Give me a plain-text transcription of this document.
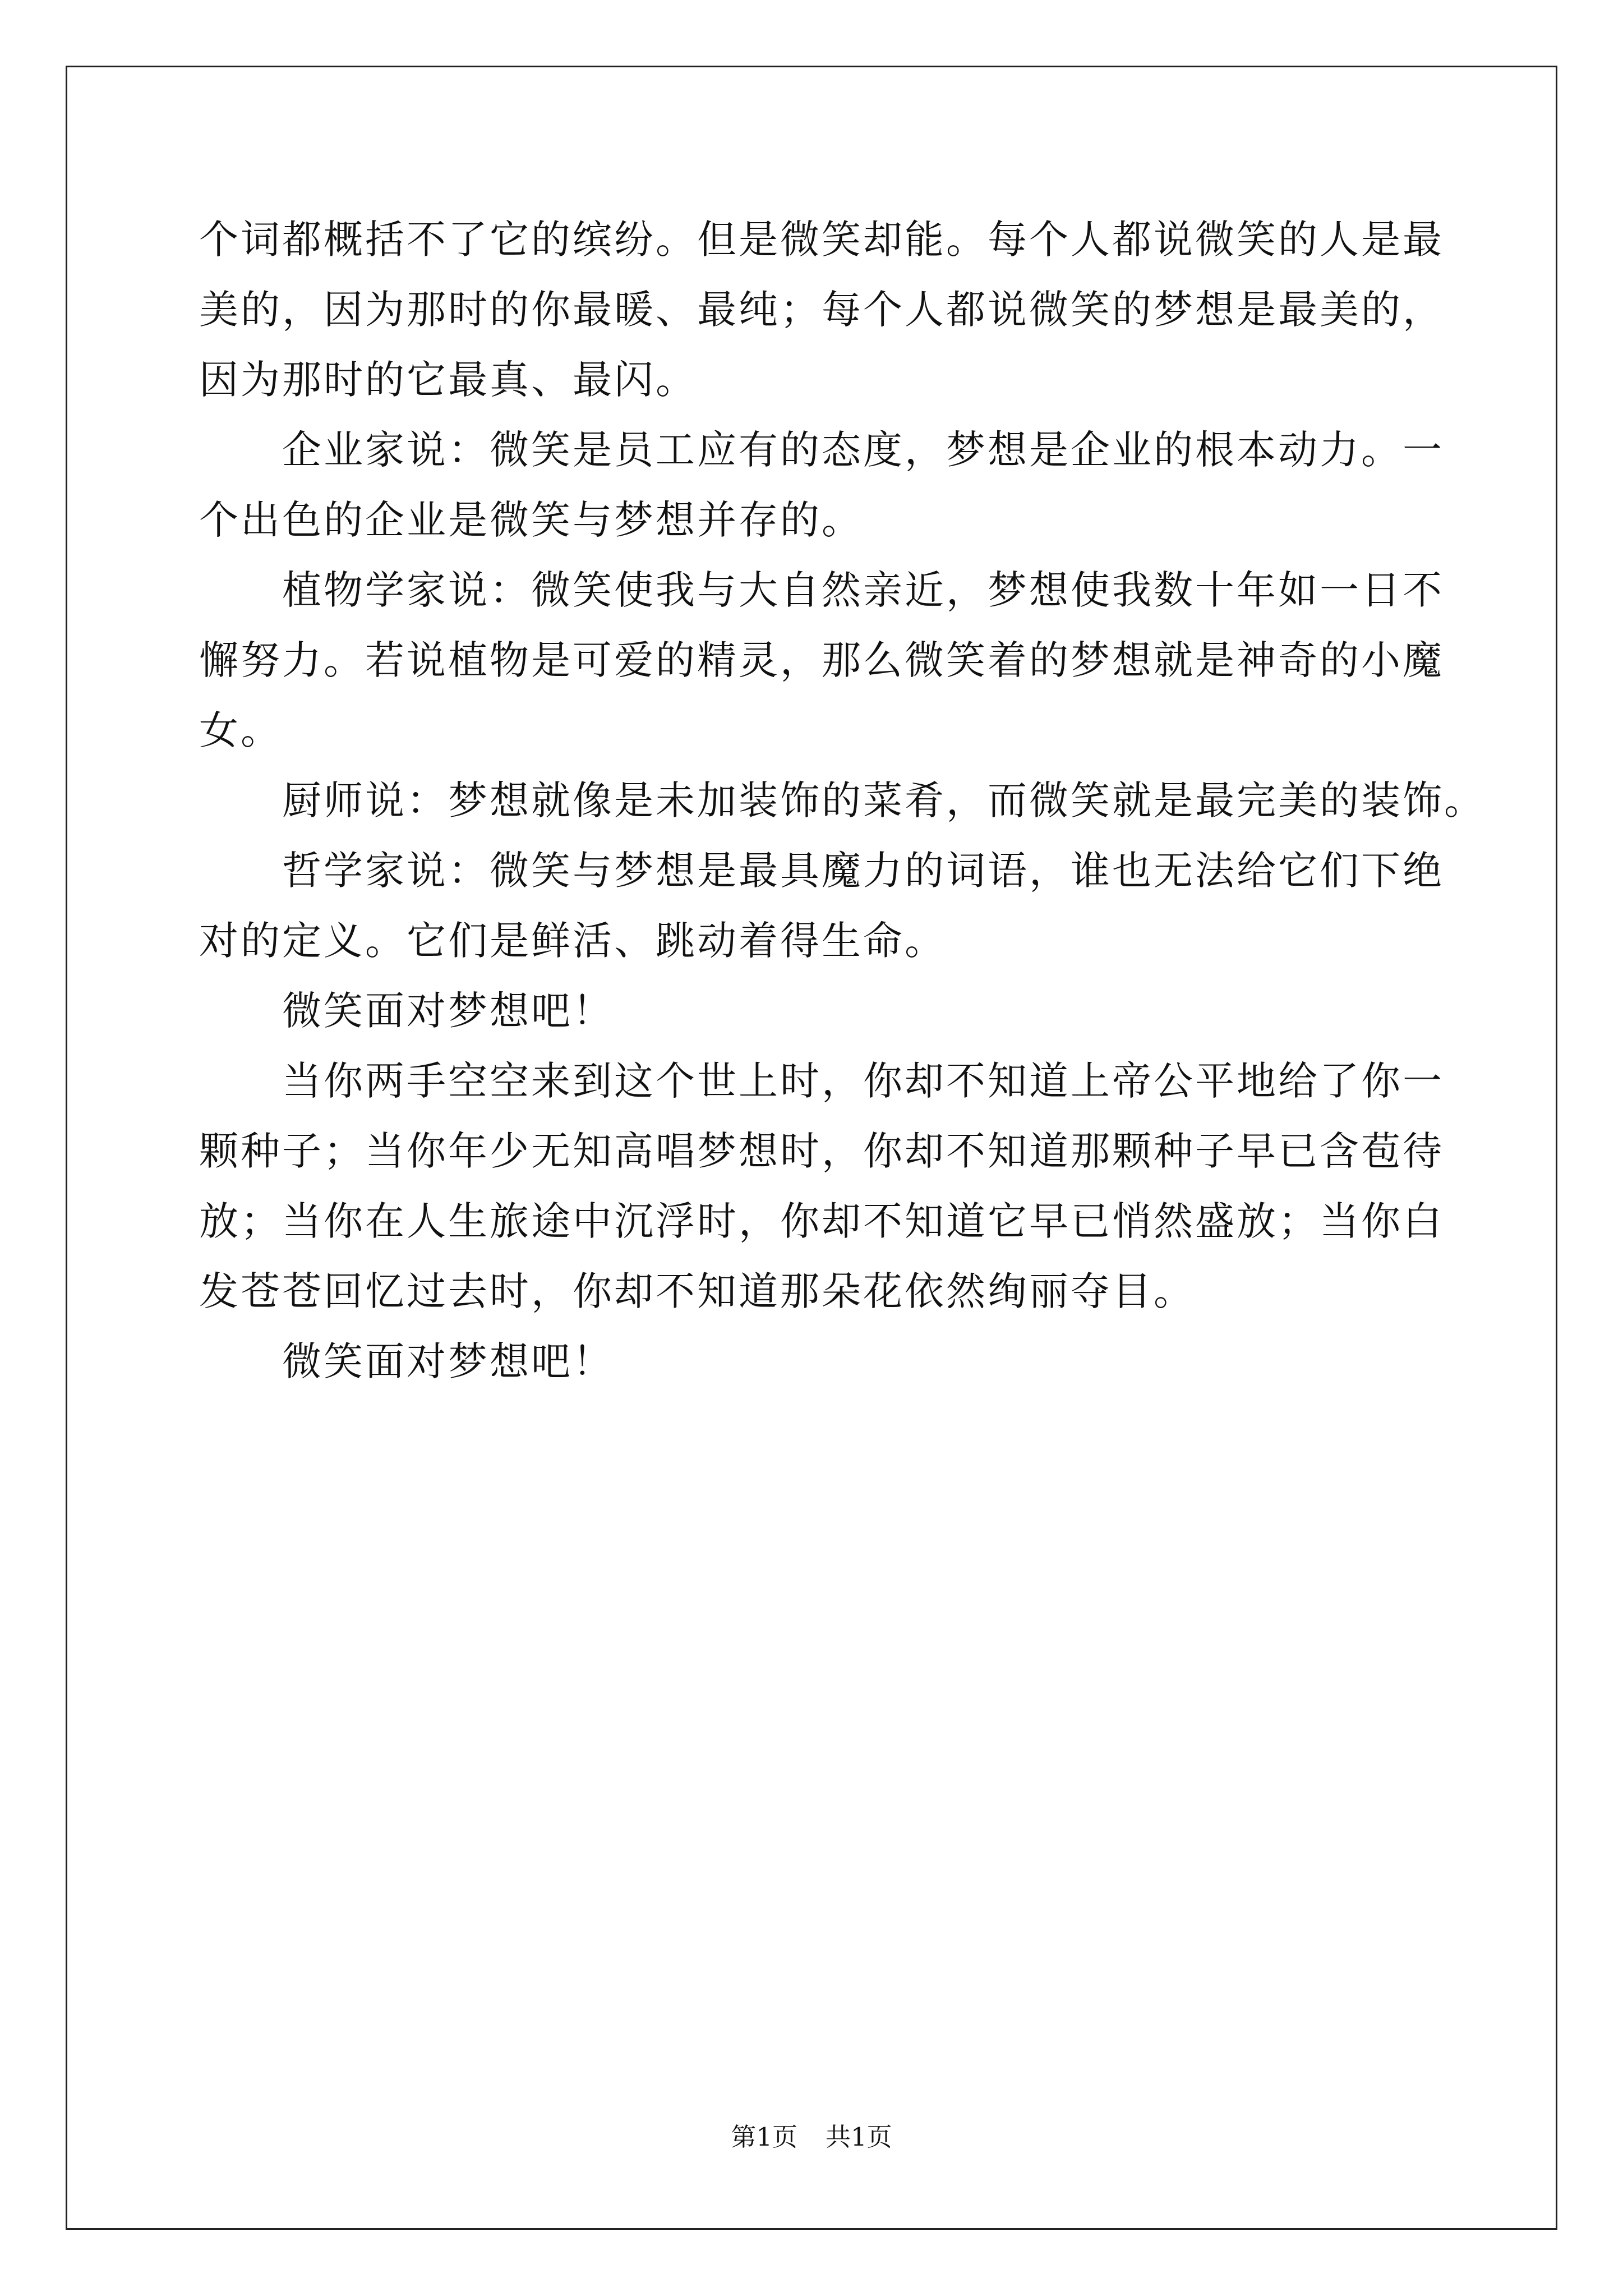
个词都概括不了它的缤纷。但是微笑却能。每个人都说微笑的人是最
美的，因为那时的你最暖、最纯；每个人都说微笑的梦想是最美的，
因为那时的它最真、最闪。
企业家说：微笑是员工应有的态度，梦想是企业的根本动力。一
个出色的企业是微笑与梦想并存的。
植物学家说：微笑使我与大自然亲近，梦想使我数十年如一日不
懈努力。若说植物是可爱的精灵，那么微笑着的梦想就是神奇的小魔
女。
厨师说：梦想就像是未加装饰的菜肴，而微笑就是最完美的装饰。
哲学家说：微笑与梦想是最具魔力的词语，谁也无法给它们下绝
对的定义。它们是鲜活、跳动着得生命。
微笑面对梦想吧！
当你两手空空来到这个世上时，你却不知道上帝公平地给了你一
颗种子；当你年少无知高唱梦想时，你却不知道那颗种子早已含苞待
放；当你在人生旅途中沉浮时，你却不知道它早已悄然盛放；当你白
发苍苍回忆过去时，你却不知道那朵花依然绚丽夺目。
微笑面对梦想吧！
第1页 共1页
